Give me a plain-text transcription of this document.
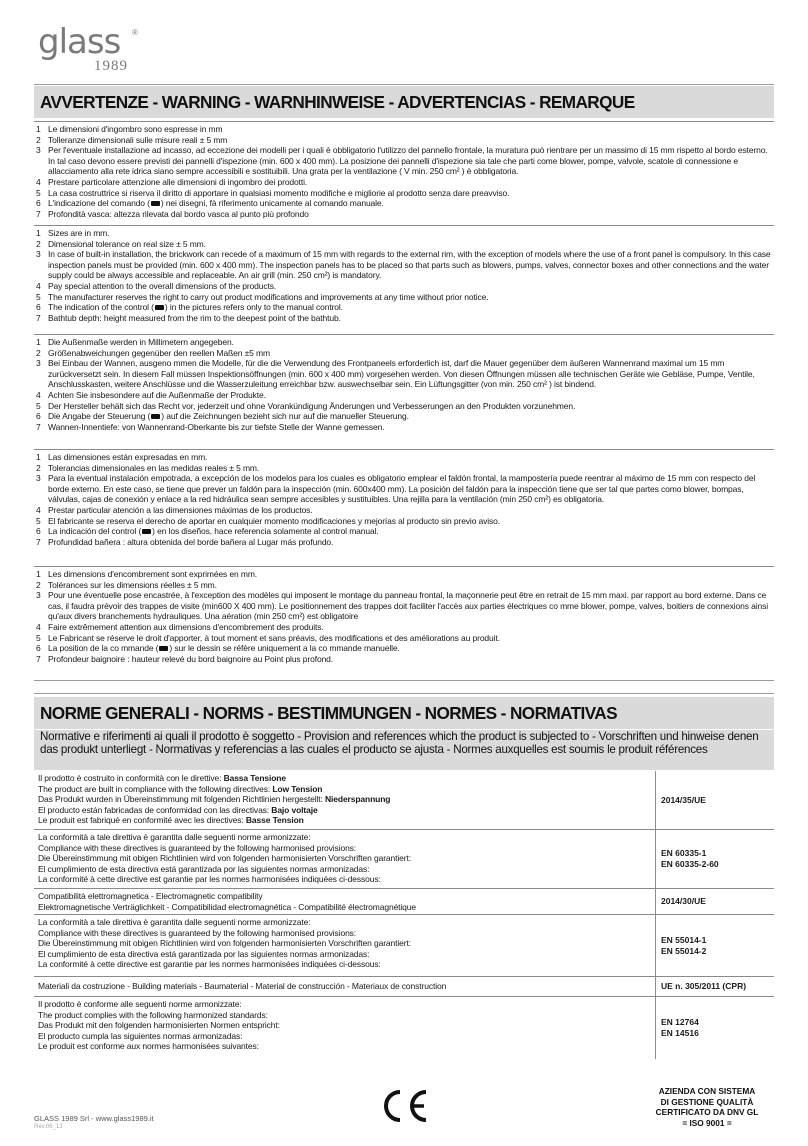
glass ®
1989
AVVERTENZE - WARNING - WARNHINWEISE - ADVERTENCIAS - REMARQUE
1 Le dimensioni d'ingombro sono espresse in mm
2 Tolleranze dimensionali sulle misure reali ± 5 mm
3 Per l'eventuale installazione ad incasso, ad eccezione dei modelli per i quali è obbligatorio l'utilizzo del pannello frontale, la muratura può rientrare per un massimo di 15 mm rispetto al bordo esterno. In tal caso devono essere previsti dei pannelli d'ispezione (min. 600 x 400 mm). La posizione dei pannelli d'ispezione sia tale che parti come blower, pompe, valvole, scatole di connessione e allacciamento alla rete idrica siano sempre accessibili e sostituibili. Una grata per la ventilazione ( V min. 250 cm² ) è obbligatoria.
4 Prestare particolare attenzione alle dimensioni di ingombro dei prodotti.
5 La casa costruttrice si riserva il diritto di apportare in qualsiasi momento modifiche e migliorie al prodotto senza dare preavviso.
6 L'indicazione del comando ( ) nei disegni, fà riferimento unicamente al comando manuale.
7 Profondità vasca: altezza rilevata dal bordo vasca al punto più profondo
1 Sizes are in mm.
2 Dimensional tolerance on real size ± 5 mm.
3 In case of built-in installation, the brickwork can recede of a maximum of 15 mm with regards to the external rim, with the exception of models where the use of a front panel is compulsory. In this case inspection panels must be provided (min. 600 x 400 mm). The inspection panels has to be placed so that parts such as blowers, pumps, valves, connector boxes and other connections and the water supply could be always accessible and replaceable. An air grill (min. 250 cm²) is mandatory.
4 Pay special attention to the overall dimensions of the products.
5 The manufacturer reserves the right to carry out product modifications and improvements at any time without prior notice.
6 The indication of the control ( ) in the pictures refers only to the manual control.
7 Bathtub depth: height measured from the rim to the deepest point of the bathtub.
1 Die Außenmaße werden in Millimetern angegeben.
2 Größenabweichungen gegenüber den reellen Maßen ±5 mm
3 Bei Einbau der Wannen, ausgeno mmen die Modelle, für die die Verwendung des Frontpaneels erforderlich ist, darf die Mauer gegenüber dem äußeren Wannenrand maximal um 15 mm zurückversetzt sein. In diesem Fall müssen Inspektionsöffnungen (min. 600 x 400 mm) vorgesehen werden. Von diesen Öffnungen müssen alle technischen Geräte wie Gebläse, Pumpe, Ventile, Anschlusskasten, weitere Anschlüsse und die Wasserzuleitung erreichbar bzw. auswechselbar sein. Ein Lüftungsgitter (von min. 250 cm² ) ist bindend.
4 Achten Sie insbesondere auf die Außenmaße der Produkte.
5 Der Hersteller behält sich das Recht vor, jederzeit und ohne Vorankündigung Änderungen und Verbesserungen an den Produkten vorzunehmen.
6 Die Angabe der Steuerung ( ) auf die Zeichnungen bezieht sich nur auf die manueller Steuerung.
7 Wannen-Innentiefe: von Wannenrand-Oberkante bis zur tiefste Stelle der Wanne gemessen.
1 Las dimensiones están expresadas en mm.
2 Tolerancias dimensionales en las medidas reales ± 5 mm.
3 Para la eventual instalación empotrada, a excepción de los modelos para los cuales es obligatorio emplear el faldón frontal, la mampostería puede reentrar al máximo de 15 mm con respecto del borde externo. En este caso, se tiene que prever un faldón para la inspección (min. 600x400 mm). La posición del faldón para la inspección tiene que ser tal que partes como blower, bompas, válvulas, cajas de conexión y enlace a la red hidráulica sean sempre accesibles y sustituibles. Una rejilla para la ventilación (min 250 cm²) es obligatoria.
4 Prestar particular atención a las dimensiones máximas de los productos.
5 El fabricante se reserva el derecho de aportar en cualquier momento modificaciones y mejorías al producto sin previo aviso.
6 La indicación del control ( ) en los diseños, hace referencia solamente al control manual.
7 Profundidad bañera : altura obtenida del borde bañera al Lugar más profundo.
1 Les dimensions d'encombrement sont exprimées en mm.
2 Tolérances sur les dimensions réelles ± 5 mm.
3 Pour une éventuelle pose encastrée, à l'exception des modèles qui imposent le montage du panneau frontal, la maçonnerie peut être en retrait de 15 mm maxi. par rapport au bord externe. Dans ce cas, il faudra prévoir des trappes de visite (min600 X 400 mm). Le positionnement des trappes doit faciliter l'accès aux parties électriques co mme blower, pompe, valves, boitiers de connexions ainsi qu'aux divers branchements hydrauliques. Una aération (min 250 cm²) est obligatoire
4 Faire extrêmement attention aux dimensions d'encombrement des produits.
5 Le Fabricant se réserve le droit d'apporter, à tout moment et sans préavis, des modifications et des améliorations au produit.
6 La position de la co mmande ( ) sur le dessin se réfère uniquement a la co mmande manuelle.
7 Profondeur baignoire : hauteur relevé du bord baignoire au Point plus profond.
NORME GENERALI - NORMS - BESTIMMUNGEN - NORMES - NORMATIVAS
Normative e riferimenti ai quali il prodotto è soggetto - Provision and references which the product is subjected to - Vorschriften und hinweise denen das produkt unterliegt - Normativas y referencias a las cuales el producto se ajusta - Normes auxquelles est soumis le produit références
Il prodotto è costruito in conformità con le direttive: Bassa Tensione
The product are built in compliance with the following directives: Low Tension
Das Produkt wurden in Übereinstimmung mit folgenden Richtlinien hergestellt: Niederspannung
El producto están fabricadas de conformidad con las directivas: Bajo voltaje
Le produit est fabriqué en conformité avec les directives: Basse Tension
2014/35/UE
La conformità a tale direttiva è garantita dalle seguenti norme armonizzate:
Compliance with these directives is guaranteed by the following harmonised provisions:
Die Übereinstimmung mit obigen Richtlinien wird von folgenden harmonisierten Vorschriften garantiert:
El cumplimiento de esta directiva está garantizada por las siguientes normas armonizadas:
La conformité à cette directive est garantie par les normes harmonisées indiquées ci-dessous:
EN 60335-1
EN 60335-2-60
Compatibilità elettromagnetica - Electromagnetic compatibility
Elektromagnetische Verträglichkeit - Compatibilidad electromagnética - Compatibilité électromagnétique
2014/30/UE
La conformità a tale direttiva è garantita dalle seguenti norme armonizzate:
Compliance with these directives is guaranteed by the following harmonised provisions:
Die Übereinstimmung mit obigen Richtlinien wird von folgenden harmonisierten Vorschriften garantiert:
El cumplimiento de esta directiva está garantizada por las siguientes normas armonizadas:
La conformité à cette directive est garantie par les normes harmonisées indiquées ci-dessous:
EN 55014-1
EN 55014-2
Materiali da costruzione - Building materials - Baumaterial - Material de construcción - Materiaux de construction	UE n. 305/2011 (CPR)
Il prodotto è conforme alle seguenti norme armonizzate:
The product complies with the following harmonized standards:
Das Produkt mit den folgenden harmonisierten Normen entspricht:
El producto cumpla las siguientes normas armonizadas:
Le produit est conforme aux normes harmonisées suivantes:
EN 12764
EN 14516
GLASS 1989 Srl - www.glass1989.it
Rev.06_13
AZIENDA CON SISTEMA
DI GESTIONE QUALITÀ
CERTIFICATO DA DNV GL
= ISO 9001 =
